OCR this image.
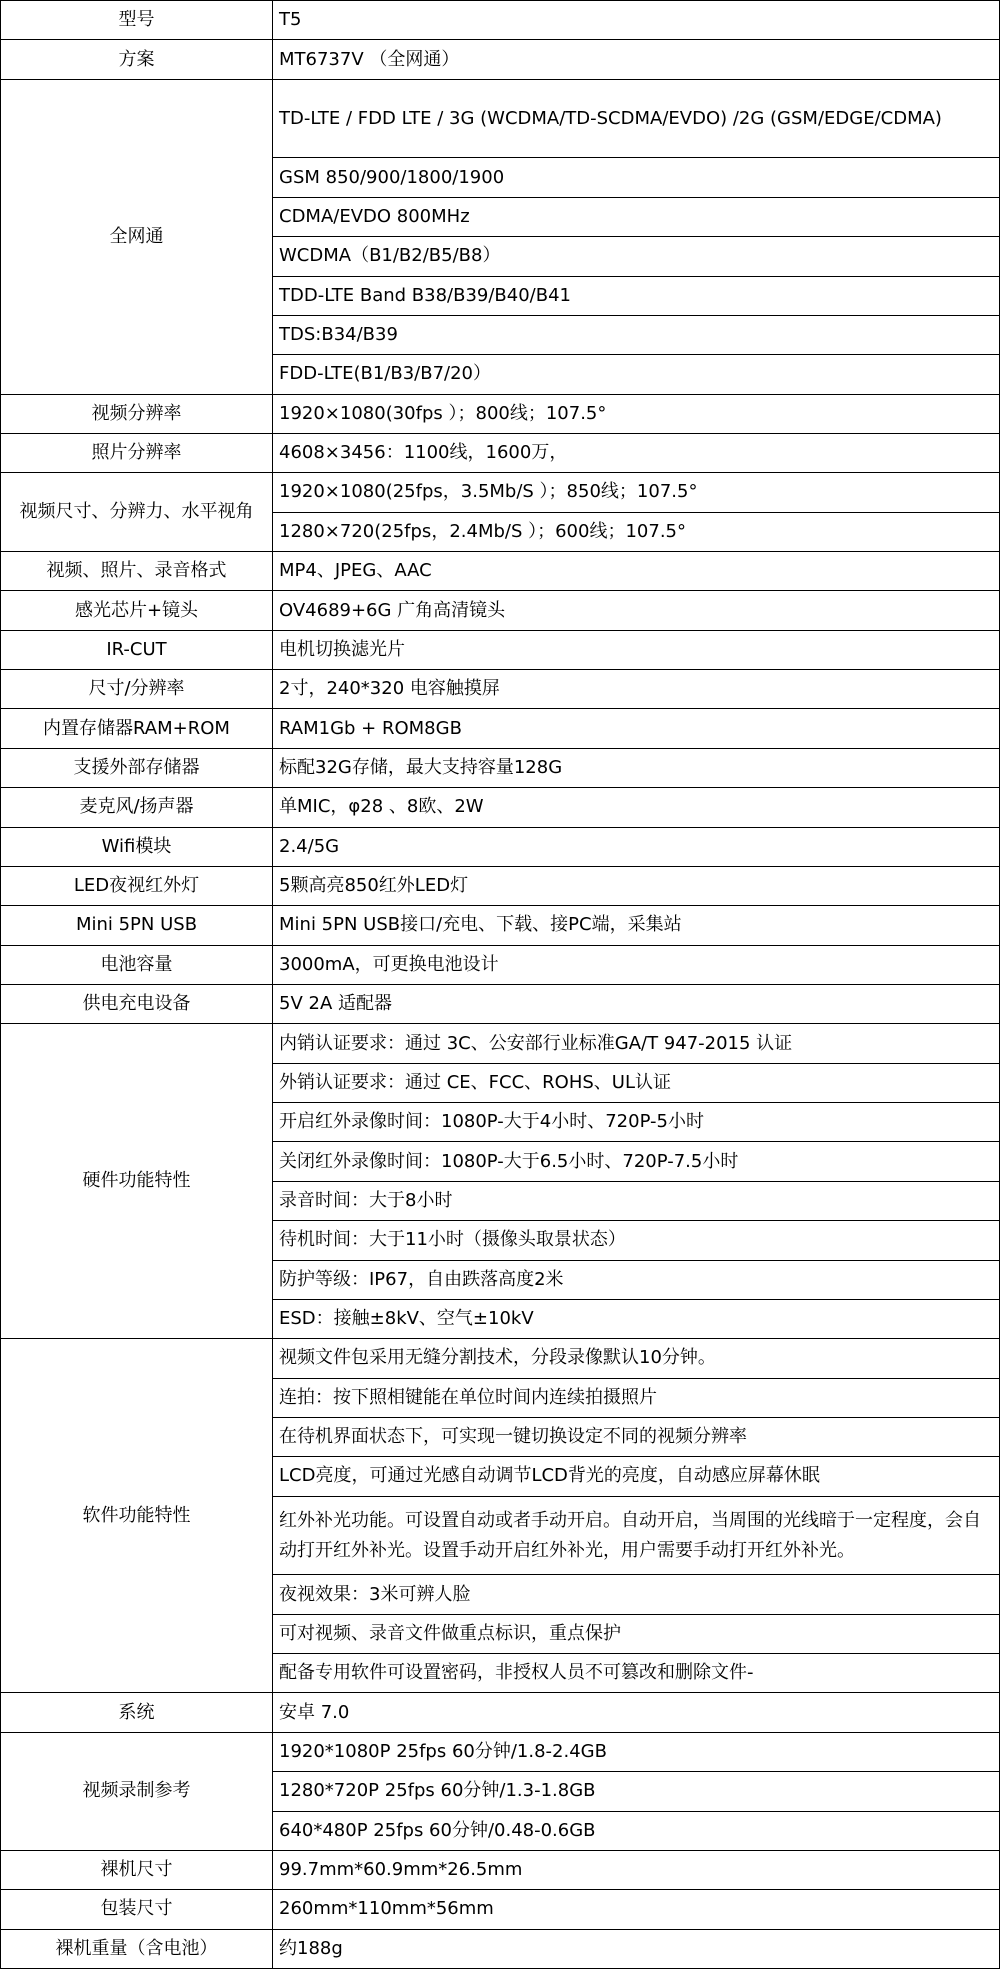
型号	T5
方案	MT6737V （全网通）
全网通	TD-LTE / FDD LTE / 3G (WCDMA/TD-SCDMA/EVDO) /2G (GSM/EDGE/CDMA)
	GSM 850/900/1800/1900
	CDMA/EVDO 800MHz
	WCDMA（B1/B2/B5/B8）
	TDD-LTE Band B38/B39/B40/B41
	TDS:B34/B39
	FDD-LTE(B1/B3/B7/20）
视频分辨率	1920×1080(30fps ）；800线；107.5°
照片分辨率	4608×3456：1100线，1600万，
视频尺寸、分辨力、水平视角	1920×1080(25fps，3.5Mb/S ）；850线；107.5°
	1280×720(25fps，2.4Mb/S ）；600线；107.5°
视频、照片、录音格式	MP4、JPEG、AAC
感光芯片+镜头	OV4689+6G 广角高清镜头
IR-CUT	电机切换滤光片
尺寸/分辨率	2寸，240*320 电容触摸屏
内置存储器RAM+ROM	RAM1Gb + ROM8GB
支援外部存储器	标配32G存储，最大支持容量128G
麦克风/扬声器	单MIC，φ28 、8欧、2W
Wifi模块	2.4/5G
LED夜视红外灯	5颗高亮850红外LED灯
Mini 5PN USB	Mini 5PN USB接口/充电、下载、接PC端，采集站
电池容量	3000mA，可更换电池设计
供电充电设备	5V 2A 适配器
硬件功能特性	内销认证要求：通过 3C、公安部行业标准GA/T 947-2015 认证
	外销认证要求：通过 CE、FCC、ROHS、UL认证
	开启红外录像时间：1080P-大于4小时、720P-5小时
	关闭红外录像时间：1080P-大于6.5小时、720P-7.5小时
	录音时间：大于8小时
	待机时间：大于11小时（摄像头取景状态）
	防护等级：IP67，自由跌落高度2米
	ESD：接触±8kV、空气±10kV
软件功能特性	视频文件包采用无缝分割技术，分段录像默认10分钟。
	连拍：按下照相键能在单位时间内连续拍摄照片
	在待机界面状态下，可实现一键切换设定不同的视频分辨率
	LCD亮度，可通过光感自动调节LCD背光的亮度，自动感应屏幕休眠
	红外补光功能。可设置自动或者手动开启。自动开启，当周围的光线暗于一定程度，会自动打开红外补光。设置手动开启红外补光，用户需要手动打开红外补光。
	夜视效果：3米可辨人脸
	可对视频、录音文件做重点标识，重点保护
	配备专用软件可设置密码，非授权人员不可篡改和删除文件-
系统	安卓 7.0
视频录制参考	1920*1080P 25fps 60分钟/1.8-2.4GB
	1280*720P 25fps 60分钟/1.3-1.8GB
	640*480P 25fps 60分钟/0.48-0.6GB
裸机尺寸	99.7mm*60.9mm*26.5mm
包装尺寸	260mm*110mm*56mm
裸机重量（含电池）	约188g
